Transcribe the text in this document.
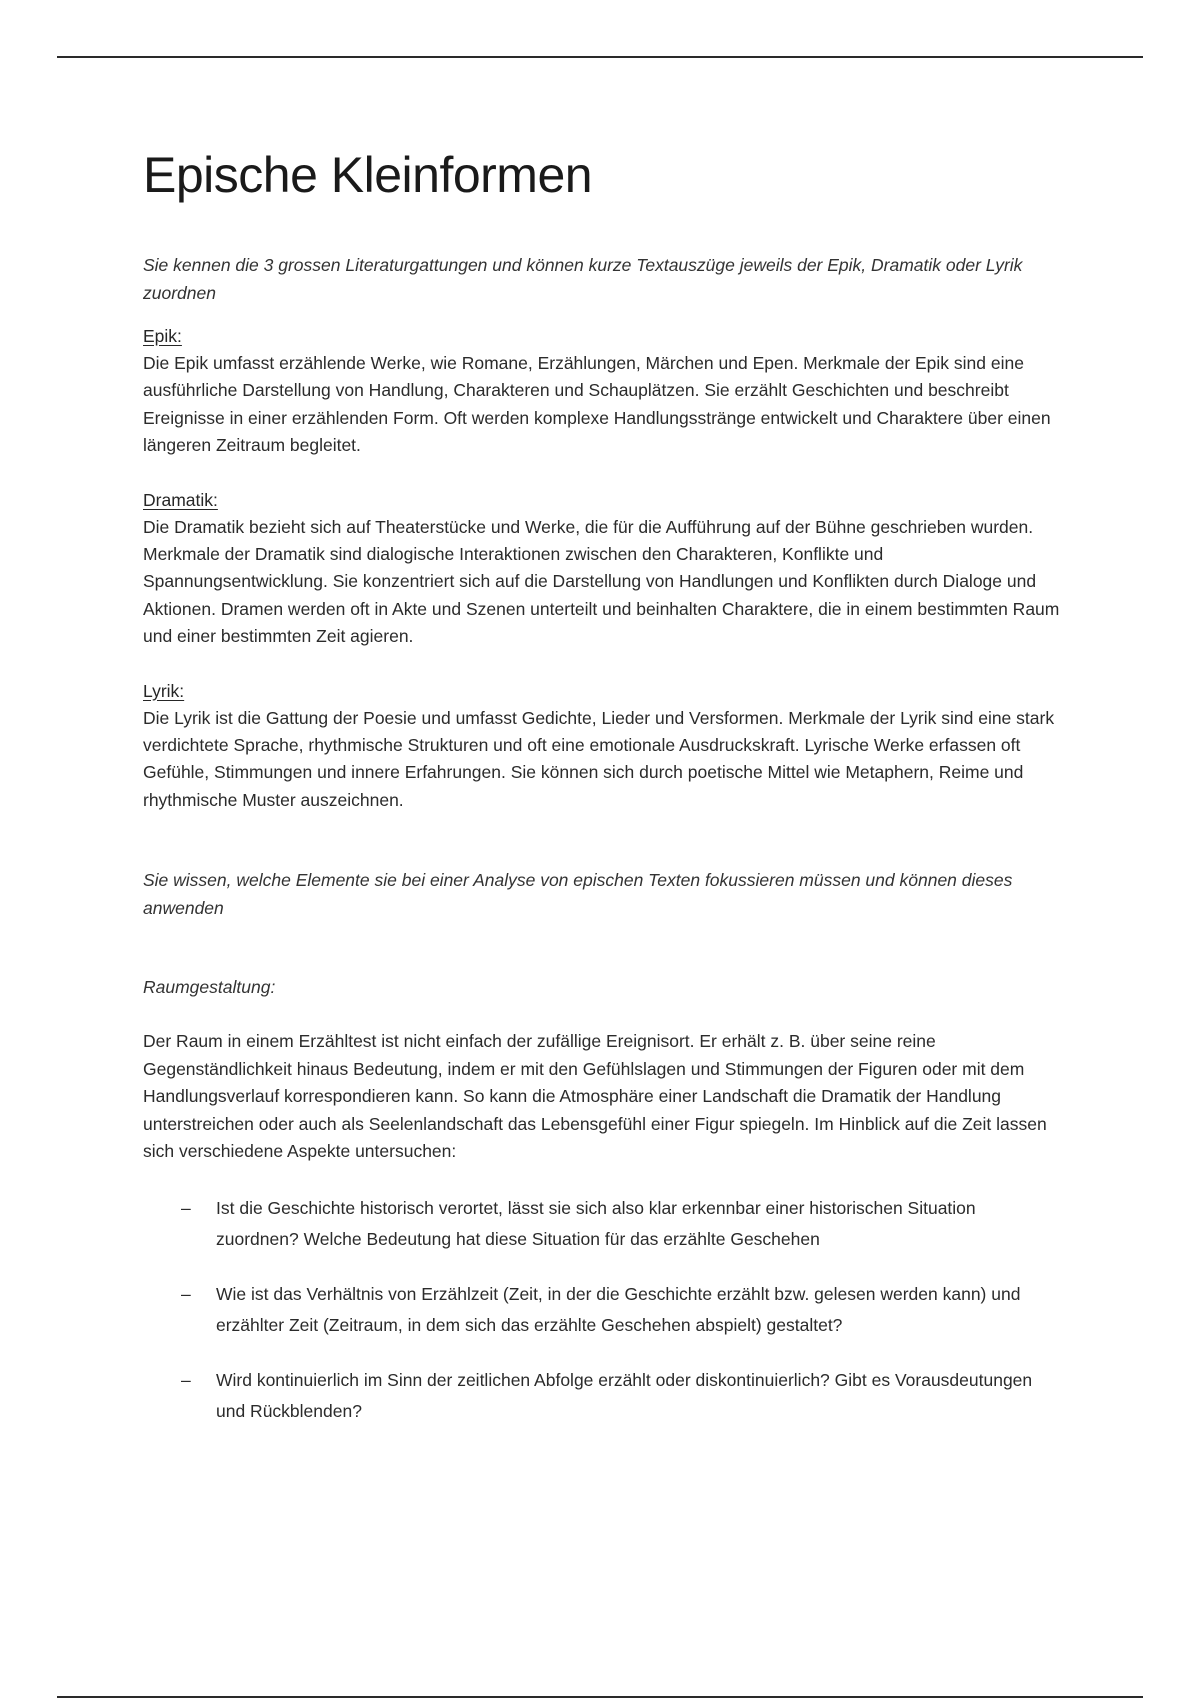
Epische Kleinformen

Sie kennen die 3 grossen Literaturgattungen und können kurze Textauszüge jeweils der Epik, Dramatik oder Lyrik zuordnen

Epik:

Die Epik umfasst erzählende Werke, wie Romane, Erzählungen, Märchen und Epen. Merkmale der Epik sind eine ausführliche Darstellung von Handlung, Charakteren und Schauplätzen. Sie erzählt Geschichten und beschreibt Ereignisse in einer erzählenden Form. Oft werden komplexe Handlungsstränge entwickelt und Charaktere über einen längeren Zeitraum begleitet.

Dramatik:

Die Dramatik bezieht sich auf Theaterstücke und Werke, die für die Aufführung auf der Bühne geschrieben wurden. Merkmale der Dramatik sind dialogische Interaktionen zwischen den Charakteren, Konflikte und Spannungsentwicklung. Sie konzentriert sich auf die Darstellung von Handlungen und Konflikten durch Dialoge und Aktionen. Dramen werden oft in Akte und Szenen unterteilt und beinhalten Charaktere, die in einem bestimmten Raum und einer bestimmten Zeit agieren.

Lyrik:

Die Lyrik ist die Gattung der Poesie und umfasst Gedichte, Lieder und Versformen. Merkmale der Lyrik sind eine stark verdichtete Sprache, rhythmische Strukturen und oft eine emotionale Ausdruckskraft. Lyrische Werke erfassen oft Gefühle, Stimmungen und innere Erfahrungen. Sie können sich durch poetische Mittel wie Metaphern, Reime und rhythmische Muster auszeichnen.

Sie wissen, welche Elemente sie bei einer Analyse von epischen Texten fokussieren müssen und können dieses anwenden

Raumgestaltung:

Der Raum in einem Erzähltest ist nicht einfach der zufällige Ereignisort. Er erhält z. B. über seine reine Gegenständlichkeit hinaus Bedeutung, indem er mit den Gefühlslagen und Stimmungen der Figuren oder mit dem Handlungsverlauf korrespondieren kann. So kann die Atmosphäre einer Landschaft die Dramatik der Handlung unterstreichen oder auch als Seelenlandschaft das Lebensgefühl einer Figur spiegeln. Im Hinblick auf die Zeit lassen sich verschiedene Aspekte untersuchen:

– Ist die Geschichte historisch verortet, lässt sie sich also klar erkennbar einer historischen Situation zuordnen? Welche Bedeutung hat diese Situation für das erzählte Geschehen
– Wie ist das Verhältnis von Erzählzeit (Zeit, in der die Geschichte erzählt bzw. gelesen werden kann) und erzählter Zeit (Zeitraum, in dem sich das erzählte Geschehen abspielt) gestaltet?
– Wird kontinuierlich im Sinn der zeitlichen Abfolge erzählt oder diskontinuierlich? Gibt es Vorausdeutungen und Rückblenden?
